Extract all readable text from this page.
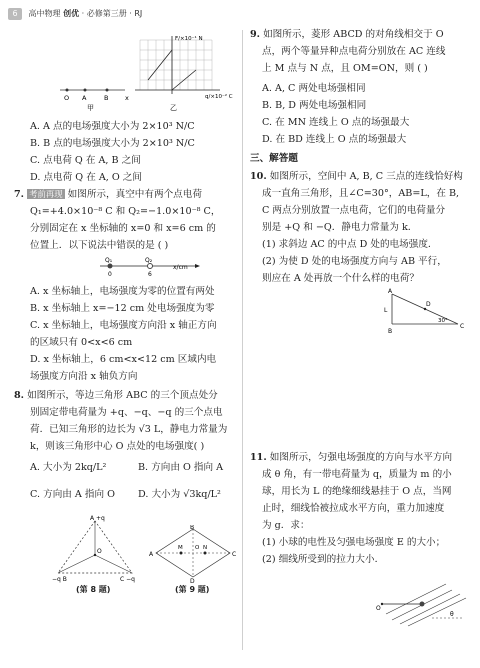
6 高中物理 创优 · 必修第三册 · RJ
O A	B	x
甲
F/×10⁻¹ N
q/×10⁻² C
乙
A. A 点的电场强度大小为 2×10³ N/C
B. B 点的电场强度大小为 2×10³ N/C
C. 点电荷 Q 在 A, B 之间
D. 点电荷 Q 在 A, O 之间
7. 考前再现 如图所示，真空中有两个点电荷
Q₁=+4.0×10⁻⁸ C 和 Q₂=−1.0×10⁻⁸ C，
分别固定在 x 坐标轴的 x=0 和 x=6 cm 的
位置上．以下说法中错误的是 ( )
Q₁	Q₂
0	6
x/cm
A. x 坐标轴上，电场强度为零的位置有两处
B. x 坐标轴上 x=−12 cm 处电场强度为零
C. x 坐标轴上，电场强度方向沿 x 轴正方向
的区域只有 0<x<6 cm
D. x 坐标轴上，6 cm<x<12 cm 区域内电
场强度方向沿 x 轴负方向
8. 如图所示，等边三角形 ABC 的三个顶点处分
别固定带电荷量为 +q、−q、−q 的三个点电
荷．已知三角形的边长为 √3 L，静电力常量为
k，则该三角形中心 O 点处的电场强度( )
A. 大小为 2kq/L²	B. 方向由 O 指向 A
C. 方向由 A 指向 O D. 大小为 √3kq/L²
A +q
−q B	C −q
O
(第 8 题)
B
A	C
D
M O N
(第 9 题)
9. 如图所示，菱形 ABCD 的对角线相交于 O
点，两个等量异种点电荷分别放在 AC 连线
上 M 点与 N 点，且 OM=ON，则 ( )
A. A, C 两处电场强相同
B. B, D 两处电场强相同
C. 在 MN 连线上 O 点的场强最大
D. 在 BD 连线上 O 点的场强最大
三、解答题
10. 如图所示，空间中 A, B, C 三点的连线恰好构
成一直角三角形，且∠C=30°，AB=L，在 B,
C 两点分别放置一点电荷，它们的电荷量分
别是 +Q 和 −Q．静电力常量为 k．
(1) 求斜边 AC 的中点 D 处的电场强度．
(2) 为使 D 处的电场强度方向与 AB 平行，
则应在 A 处再放一个什么样的电荷？
A
B
C
D
L
30°
11. 如图所示，匀强电场强度的方向与水平方向
成 θ 角，有一带电荷量为 q，质量为 m 的小
球，用长为 L 的绝缘细线悬挂于 O 点，当网
止时，细线恰被拉成水平方向，重力加速度
为 g．求：
(1) 小球的电性及匀强电场强度 E 的大小；
(2) 细线所受到的拉力大小．
O
θ
